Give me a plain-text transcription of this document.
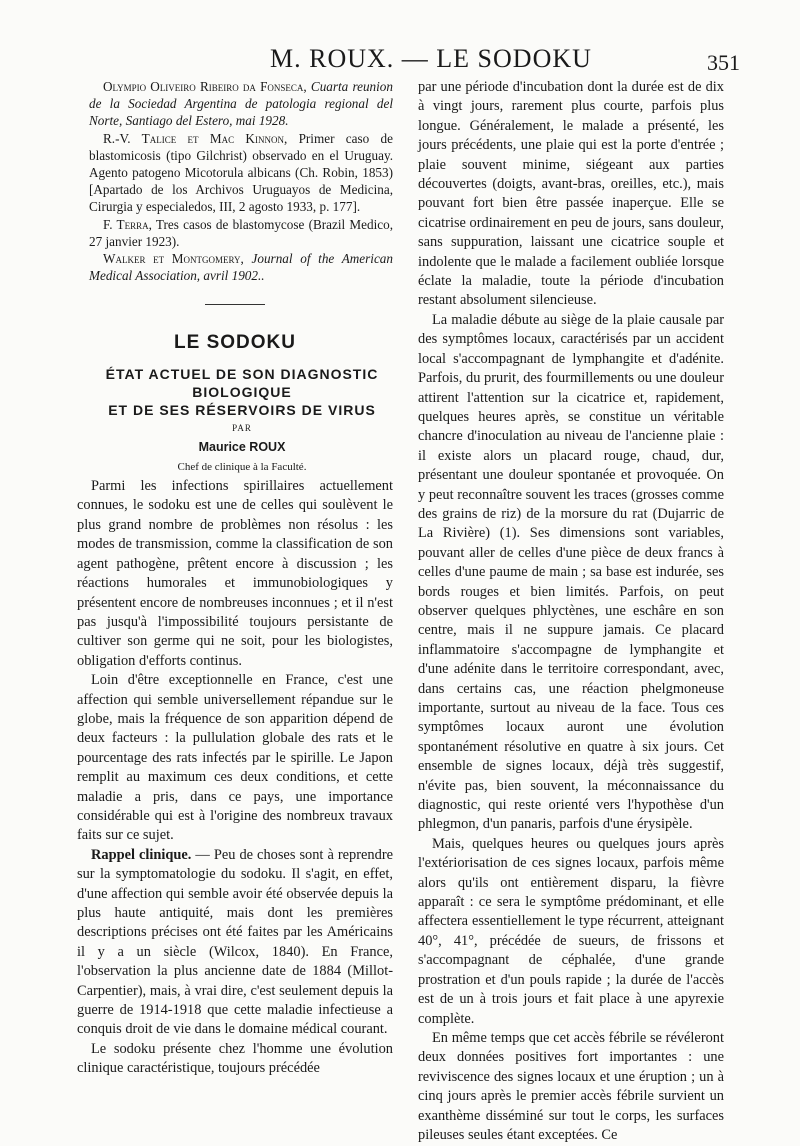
M. ROUX. — LE SODOKU	351

Olympio Oliveiro Ribeiro da Fonseca, Cuarta reunion de la Sociedad Argentina de patologia regional del Norte, Santiago del Estero, mai 1928.

R.-V. Talice et Mac Kinnon, Primer caso de blastomicosis (tipo Gilchrist) observado en el Uruguay. Agento patogeno Micotorula albicans (Ch. Robin, 1853) [Apartado de los Archivos Uruguayos de Medicina, Cirurgia y especialedos, III, 2 agosto 1933, p. 177].

F. Terra, Tres casos de blastomycose (Brazil Medico, 27 janvier 1923).

Walker et Montgomery, Journal of the American Medical Association, avril 1902..

LE SODOKU

ÉTAT ACTUEL DE SON DIAGNOSTIC

BIOLOGIQUE

ET DE SES RÉSERVOIRS DE VIRUS

PAR

Maurice ROUX

Chef de clinique à la Faculté.

Parmi les infections spirillaires actuellement connues, le sodoku est une de celles qui soulèvent le plus grand nombre de problèmes non résolus : les modes de transmission, comme la classification de son agent pathogène, prêtent encore à discussion ; les réactions humorales et immunobiologiques y présentent encore de nombreuses inconnues ; et il n'est pas jusqu'à l'impossibilité toujours persistante de cultiver son germe qui ne soit, pour les biologistes, obligation d'efforts continus.

Loin d'être exceptionnelle en France, c'est une affection qui semble universellement répandue sur le globe, mais la fréquence de son apparition dépend de deux facteurs : la pullulation globale des rats et le pourcentage des rats infectés par le spirille. Le Japon remplit au maximum ces deux conditions, et cette maladie a pris, dans ce pays, une importance considérable qui est à l'origine des nombreux travaux faits sur ce sujet.

Rappel clinique. — Peu de choses sont à reprendre sur la symptomatologie du sodoku. Il s'agit, en effet, d'une affection qui semble avoir été observée depuis la plus haute antiquité, mais dont les premières descriptions précises ont été faites par les Américains il y a un siècle (Wilcox, 1840). En France, l'observation la plus ancienne date de 1884 (Millot-Carpentier), mais, à vrai dire, c'est seulement depuis la guerre de 1914-1918 que cette maladie infectieuse a conquis droit de vie dans le domaine médical courant.

Le sodoku présente chez l'homme une évolution clinique caractéristique, toujours précédée

par une période d'incubation dont la durée est de dix à vingt jours, rarement plus courte, parfois plus longue. Généralement, le malade a présenté, les jours précédents, une plaie qui est la porte d'entrée ; plaie souvent minime, siégeant aux parties découvertes (doigts, avant-bras, oreilles, etc.), mais pouvant fort bien être passée inaperçue. Elle se cicatrise ordinairement en peu de jours, sans douleur, sans suppuration, laissant une cicatrice souple et indolente que le malade a facilement oubliée lorsque éclate la maladie, toute la période d'incubation restant absolument silencieuse.

La maladie débute au siège de la plaie causale par des symptômes locaux, caractérisés par un accident local s'accompagnant de lymphangite et d'adénite. Parfois, du prurit, des fourmillements ou une douleur attirent l'attention sur la cicatrice et, rapidement, quelques heures après, se constitue un véritable chancre d'inoculation au niveau de l'ancienne plaie : il existe alors un placard rouge, chaud, dur, présentant une douleur spontanée et provoquée. On y peut reconnaître souvent les traces (grosses comme des grains de riz) de la morsure du rat (Dujarric de La Rivière) (1). Ses dimensions sont variables, pouvant aller de celles d'une pièce de deux francs à celles d'une paume de main ; sa base est indurée, ses bords rouges et bien limités. Parfois, on peut observer quelques phlyctènes, une eschâre en son centre, mais il ne suppure jamais. Ce placard inflammatoire s'accompagne de lymphangite et d'une adénite dans le territoire correspondant, avec, dans certains cas, une réaction phelgmoneuse importante, surtout au niveau de la face. Tous ces symptômes locaux auront une évolution spontanément résolutive en quatre à six jours. Cet ensemble de signes locaux, déjà très suggestif, n'évite pas, bien souvent, la méconnaissance du diagnostic, qui reste orienté vers l'hypothèse d'un phlegmon, d'un panaris, parfois d'une érysipèle.

Mais, quelques heures ou quelques jours après l'extériorisation de ces signes locaux, parfois même alors qu'ils ont entièrement disparu, la fièvre apparaît : ce sera le symptôme prédominant, et elle affectera essentiellement le type récurrent, atteignant 40°, 41°, précédée de sueurs, de frissons et s'accompagnant de céphalée, d'une grande prostration et d'un pouls rapide ; la durée de l'accès est de un à trois jours et fait place à une apyrexie complète.

En même temps que cet accès fébrile se révéleront deux données positives fort importantes : une reviviscence des signes locaux et une éruption ; un à cinq jours après le premier accès fébrile survient un exanthème disséminé sur tout le corps, les surfaces pileuses seules étant exceptées. Ce
